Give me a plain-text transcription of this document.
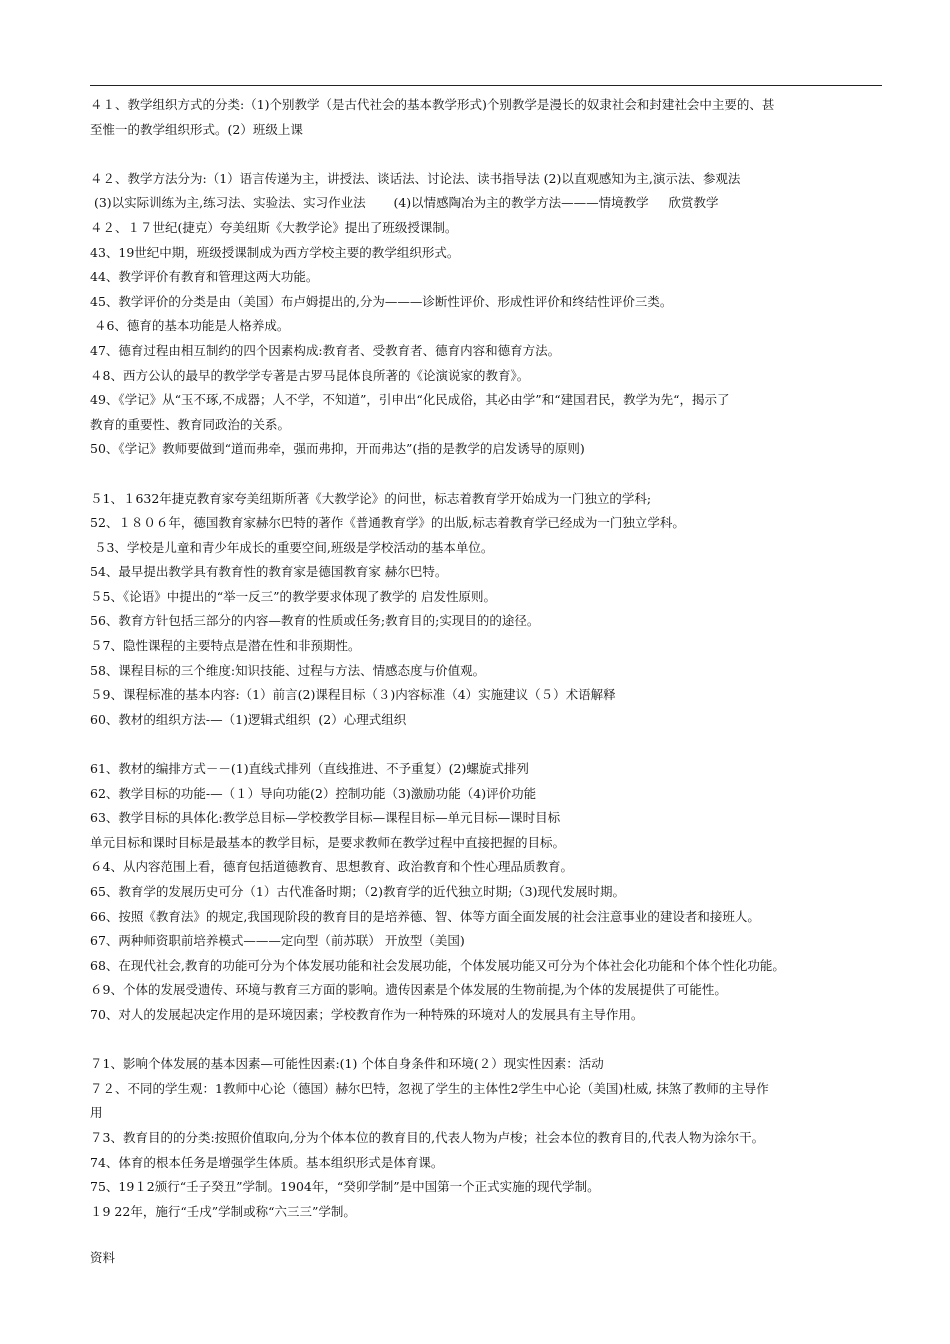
４１、教学组织方式的分类:（1)个别教学（是古代社会的基本教学形式)个别教学是漫长的奴隶社会和封建社会中主要的、甚
至惟一的教学组织形式。(2）班级上课
４２、教学方法分为:（1）语言传递为主，讲授法、谈话法、讨论法、读书指导法 (2)以直观感知为主,演示法、参观法
(3)以实际训练为主,练习法、实验法、实习作业法       (4)以情感陶冶为主的教学方法———情境教学     欣赏教学
４２、１７世纪(捷克）夸美纽斯《大教学论》提出了班级授课制。
43、19世纪中期，班级授课制成为西方学校主要的教学组织形式。
44、教学评价有教育和管理这两大功能。
45、教学评价的分类是由（美国）布卢姆提出的,分为———诊断性评价、形成性评价和终结性评价三类。
４6、德育的基本功能是人格养成。
47、德育过程由相互制约的四个因素构成:教育者、受教育者、德育内容和德育方法。
４8、西方公认的最早的教学学专著是古罗马昆体良所著的《论演说家的教育》。
49、《学记》从“玉不琢,不成器；人不学，不知道”，引申出“化民成俗，其必由学”和“建国君民，教学为先“，揭示了
教育的重要性、教育同政治的关系。
50、《学记》教师要做到“道而弗牵，强而弗抑，开而弗达”(指的是教学的启发诱导的原则)
５1、１632年捷克教育家夸美纽斯所著《大教学论》的问世，标志着教育学开始成为一门独立的学科;
52、１８０６年，德国教育家赫尔巴特的著作《普通教育学》的出版,标志着教育学已经成为一门独立学科。
５3、学校是儿童和青少年成长的重要空间,班级是学校活动的基本单位。
54、最早提出教学具有教育性的教育家是德国教育家 赫尔巴特。
５5、《论语》中提出的“举一反三”的教学要求体现了教学的 启发性原则。
56、教育方针包括三部分的内容—教育的性质或任务;教育目的;实现目的的途径。
５7、隐性课程的主要特点是潜在性和非预期性。
58、课程目标的三个维度:知识技能、过程与方法、情感态度与价值观。
５9、课程标准的基本内容:（1）前言(2)课程目标（３)内容标准（4）实施建议（５）术语解释
60、教材的组织方法-—（1)逻辑式组织  (2）心理式组织
61、教材的编排方式－－(1)直线式排列（直线推进、不予重复）(2)螺旋式排列
62、教学目标的功能-—（１）导向功能(2）控制功能（3)激励功能（4)评价功能
63、教学目标的具体化:教学总目标—学校教学目标—课程目标—单元目标—课时目标
单元目标和课时目标是最基本的教学目标，是要求教师在教学过程中直接把握的目标。
６4、从内容范围上看，德育包括道德教育、思想教育、政治教育和个性心理品质教育。
65、教育学的发展历史可分（1）古代准备时期；（2)教育学的近代独立时期;（3)现代发展时期。
66、按照《教育法》的规定,我国现阶段的教育目的是培养德、智、体等方面全面发展的社会注意事业的建设者和接班人。
67、两种师资职前培养模式———定向型（前苏联） 开放型（美国)
68、在现代社会,教育的功能可分为个体发展功能和社会发展功能，个体发展功能又可分为个体社会化功能和个体个性化功能。
６9、个体的发展受遗传、环境与教育三方面的影响。遗传因素是个体发展的生物前提,为个体的发展提供了可能性。
70、对人的发展起决定作用的是环境因素；学校教育作为一种特殊的环境对人的发展具有主导作用。
７1、影响个体发展的基本因素—可能性因素:(1) 个体自身条件和环境(２）现实性因素：活动
７２、不同的学生观：1教师中心论（德国）赫尔巴特，忽视了学生的主体性2学生中心论（美国)杜威, 抹煞了教师的主导作
用
７3、教育目的的分类:按照价值取向,分为个体本位的教育目的,代表人物为卢梭；社会本位的教育目的,代表人物为涂尔干。
74、体育的根本任务是增强学生体质。基本组织形式是体育课。
75、19１2颁行“壬子癸丑”学制。1904年，“癸卯学制”是中国第一个正式实施的现代学制。
１9 22年，施行“壬戌”学制或称“六三三”学制。
资料
